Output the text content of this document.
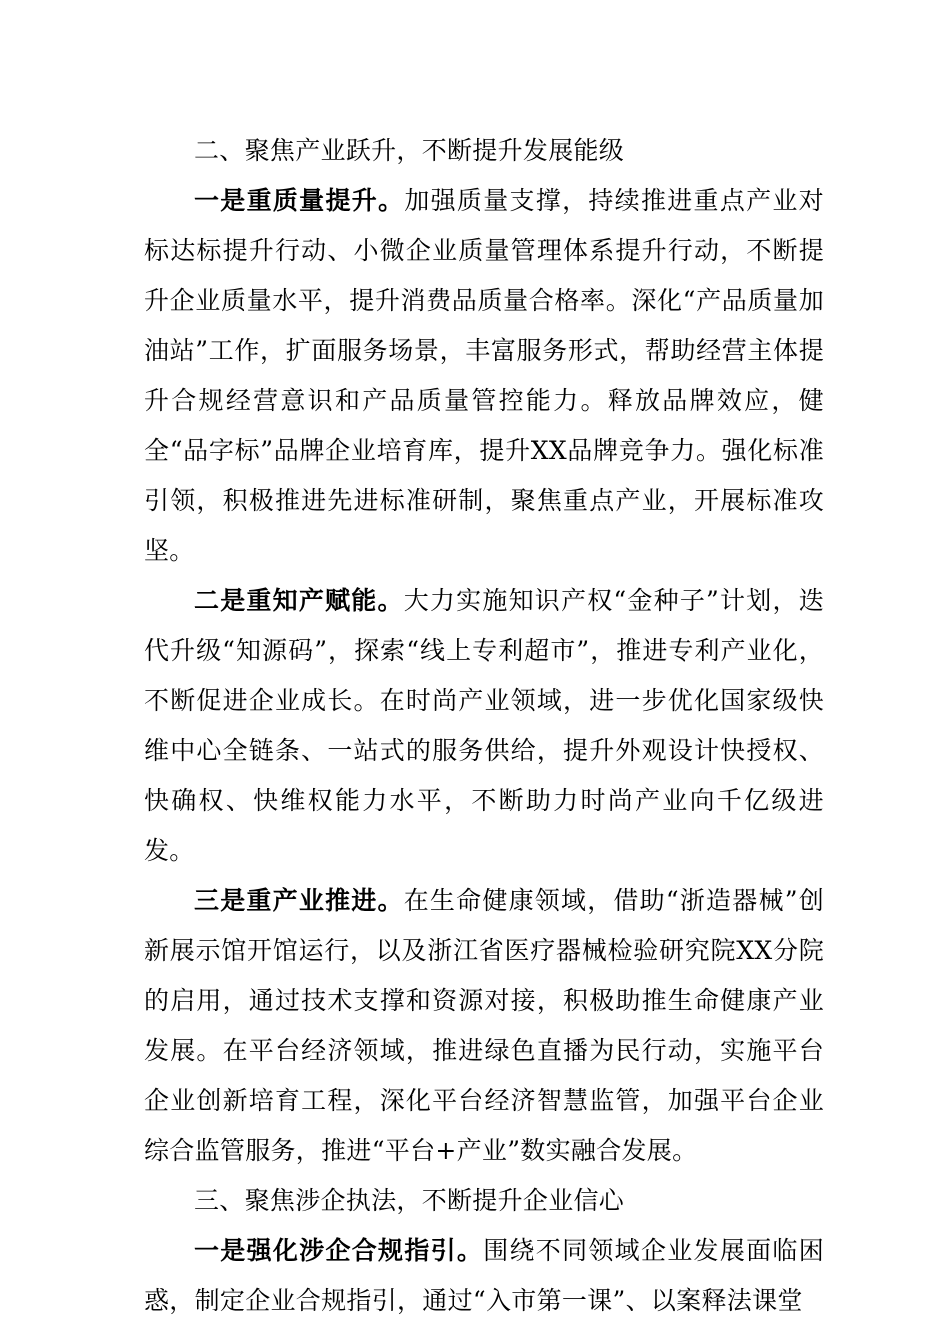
二、聚焦产业跃升，不断提升发展能级

一是重质量提升。加强质量支撑，持续推进重点产业对标达标提升行动、小微企业质量管理体系提升行动，不断提升企业质量水平，提升消费品质量合格率。深化“产品质量加油站”工作，扩面服务场景，丰富服务形式，帮助经营主体提升合规经营意识和产品质量管控能力。释放品牌效应，健全“品字标”品牌企业培育库，提升XX品牌竞争力。强化标准引领，积极推进先进标准研制，聚焦重点产业，开展标准攻坚。

二是重知产赋能。大力实施知识产权“金种子”计划，迭代升级“知源码”，探索“线上专利超市”，推进专利产业化，不断促进企业成长。在时尚产业领域，进一步优化国家级快维中心全链条、一站式的服务供给，提升外观设计快授权、快确权、快维权能力水平，不断助力时尚产业向千亿级进发。

三是重产业推进。在生命健康领域，借助“浙造器械”创新展示馆开馆运行，以及浙江省医疗器械检验研究院XX分院的启用，通过技术支撑和资源对接，积极助推生命健康产业发展。在平台经济领域，推进绿色直播为民行动，实施平台企业创新培育工程，深化平台经济智慧监管，加强平台企业综合监管服务，推进“平台+产业”数实融合发展。

三、聚焦涉企执法，不断提升企业信心

一是强化涉企合规指引。围绕不同领域企业发展面临困惑，制定企业合规指引，通过“入市第一课”、以案释法课堂
